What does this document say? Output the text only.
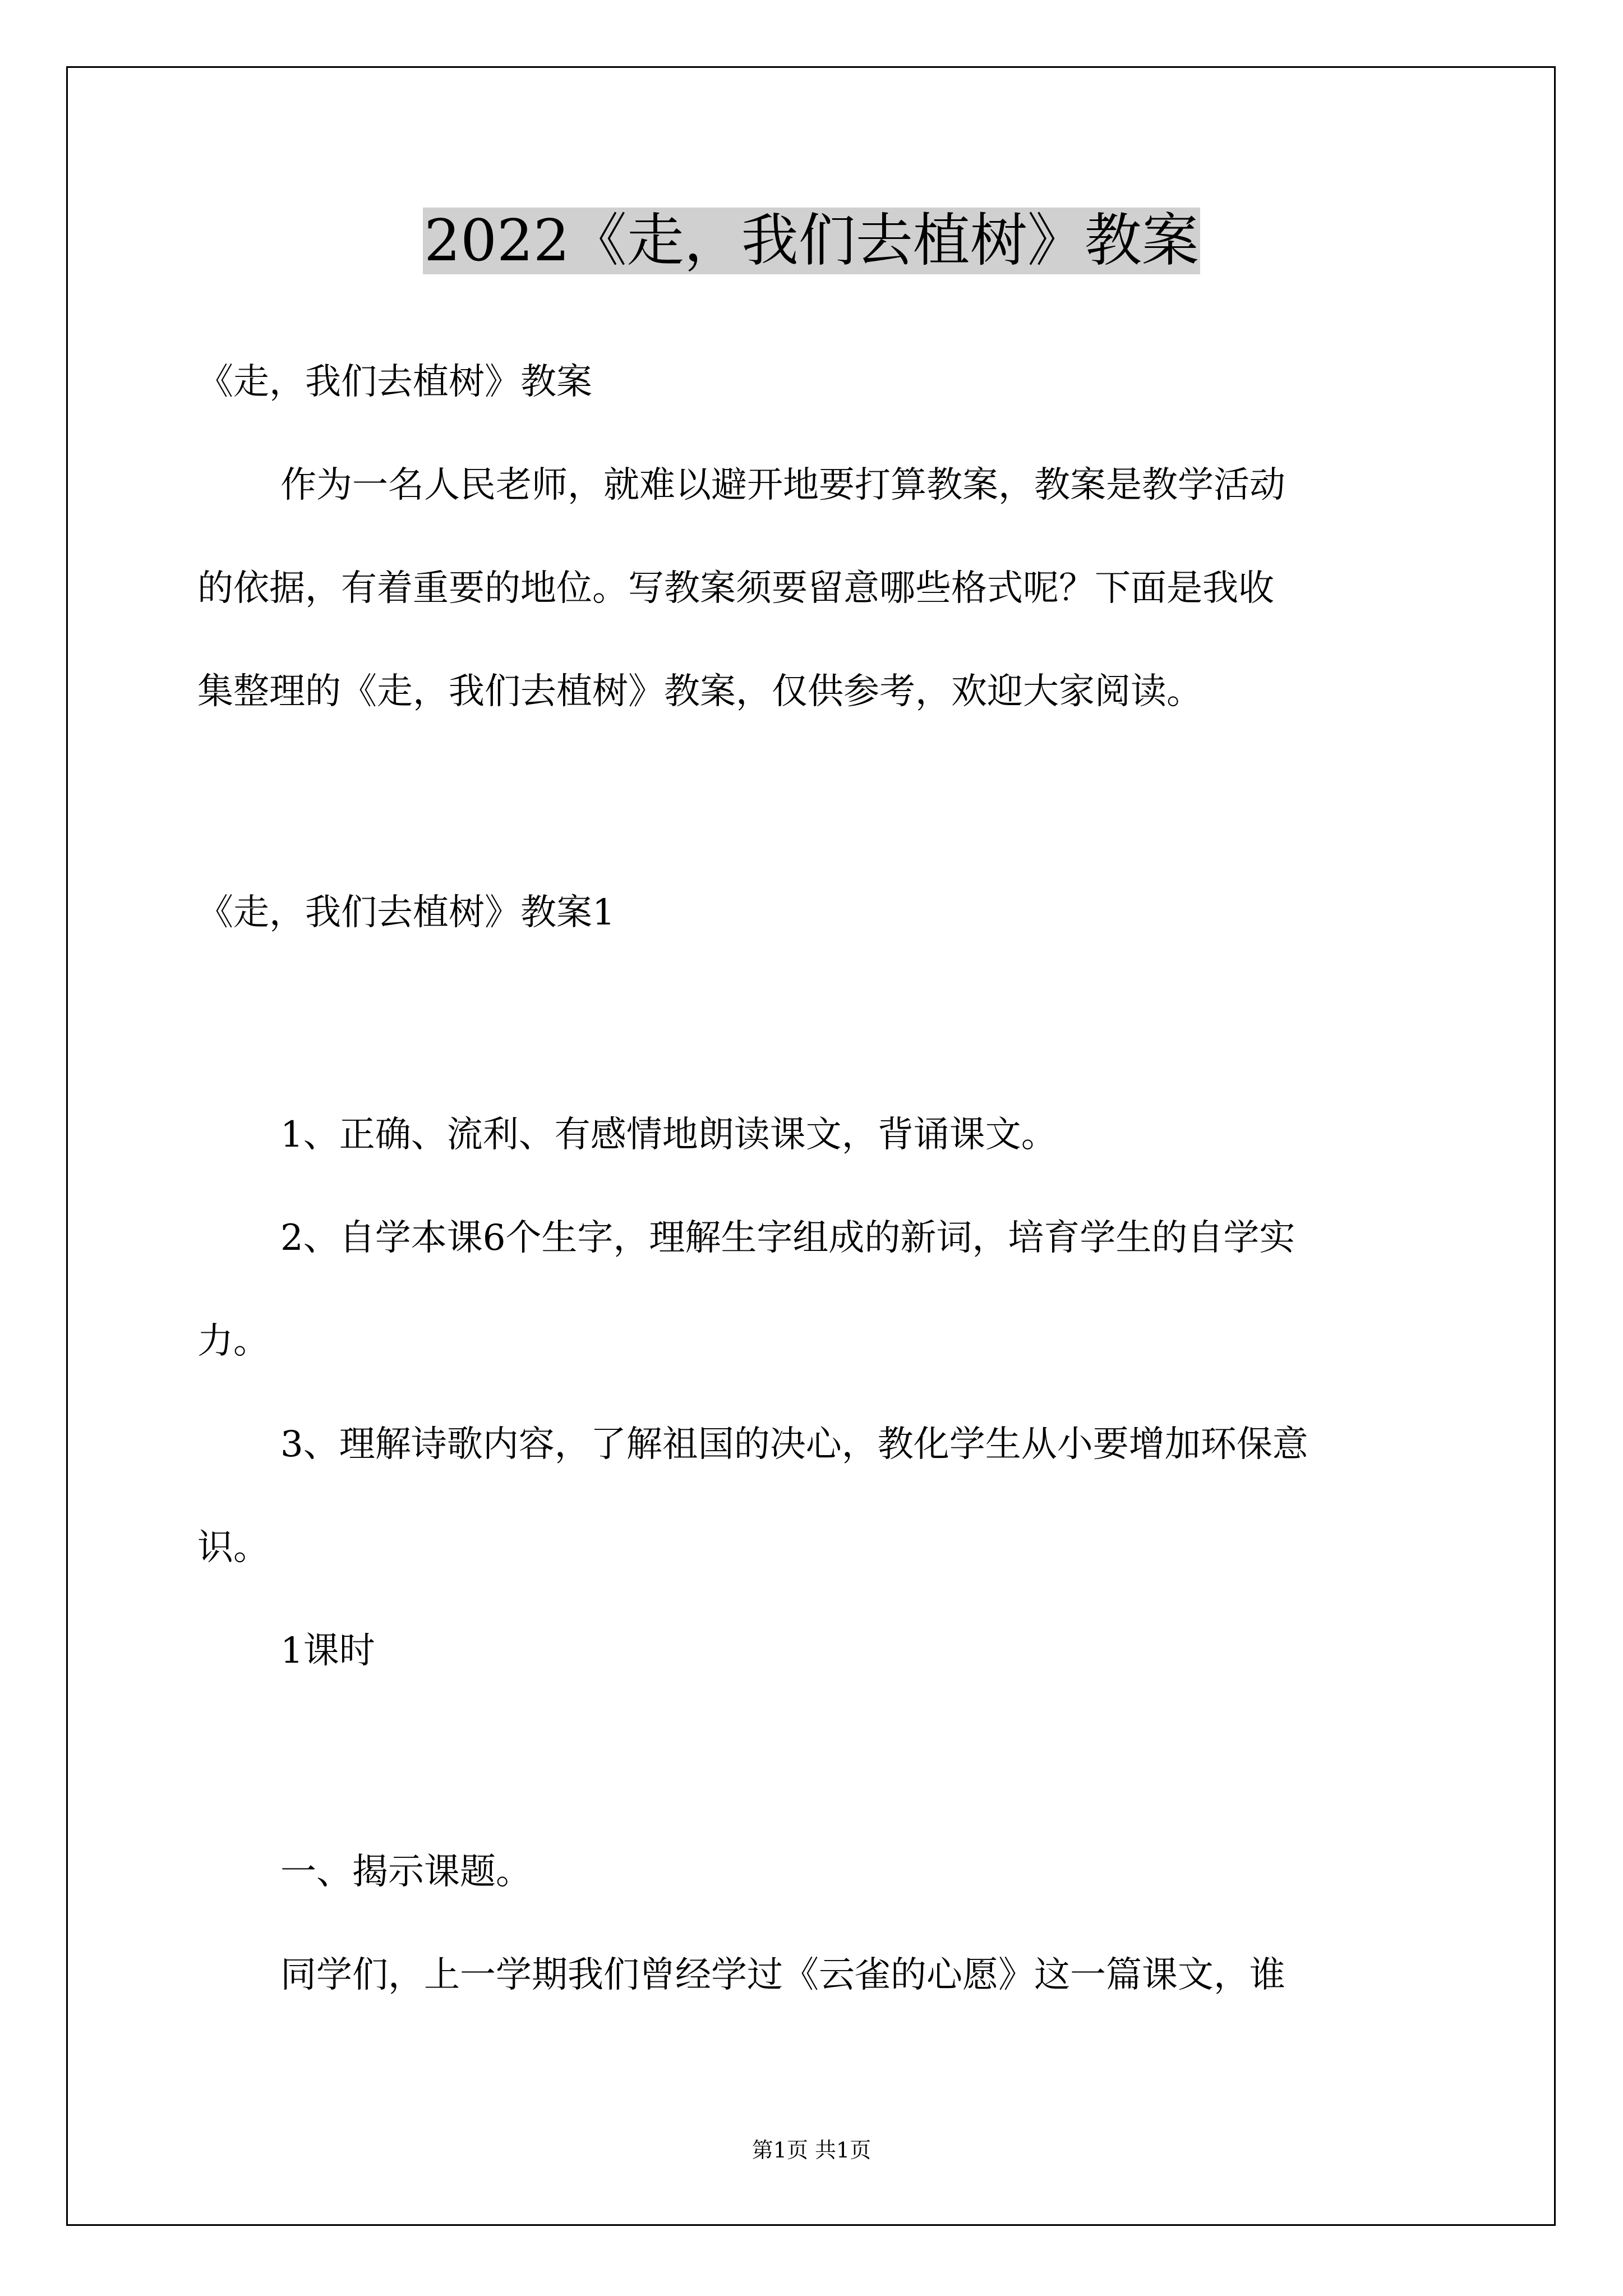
2022《走，我们去植树》教案
《走，我们去植树》教案
作为一名人民老师，就难以避开地要打算教案，教案是教学活动
的依据，有着重要的地位。写教案须要留意哪些格式呢？下面是我收
集整理的《走，我们去植树》教案，仅供参考，欢迎大家阅读。
《走，我们去植树》教案1
1、正确、流利、有感情地朗读课文，背诵课文。
2、自学本课6个生字，理解生字组成的新词，培育学生的自学实
力。
3、理解诗歌内容，了解祖国的决心，教化学生从小要增加环保意
识。
1课时
一、揭示课题。
同学们，上一学期我们曾经学过《云雀的心愿》这一篇课文，谁
第1页 共1页
